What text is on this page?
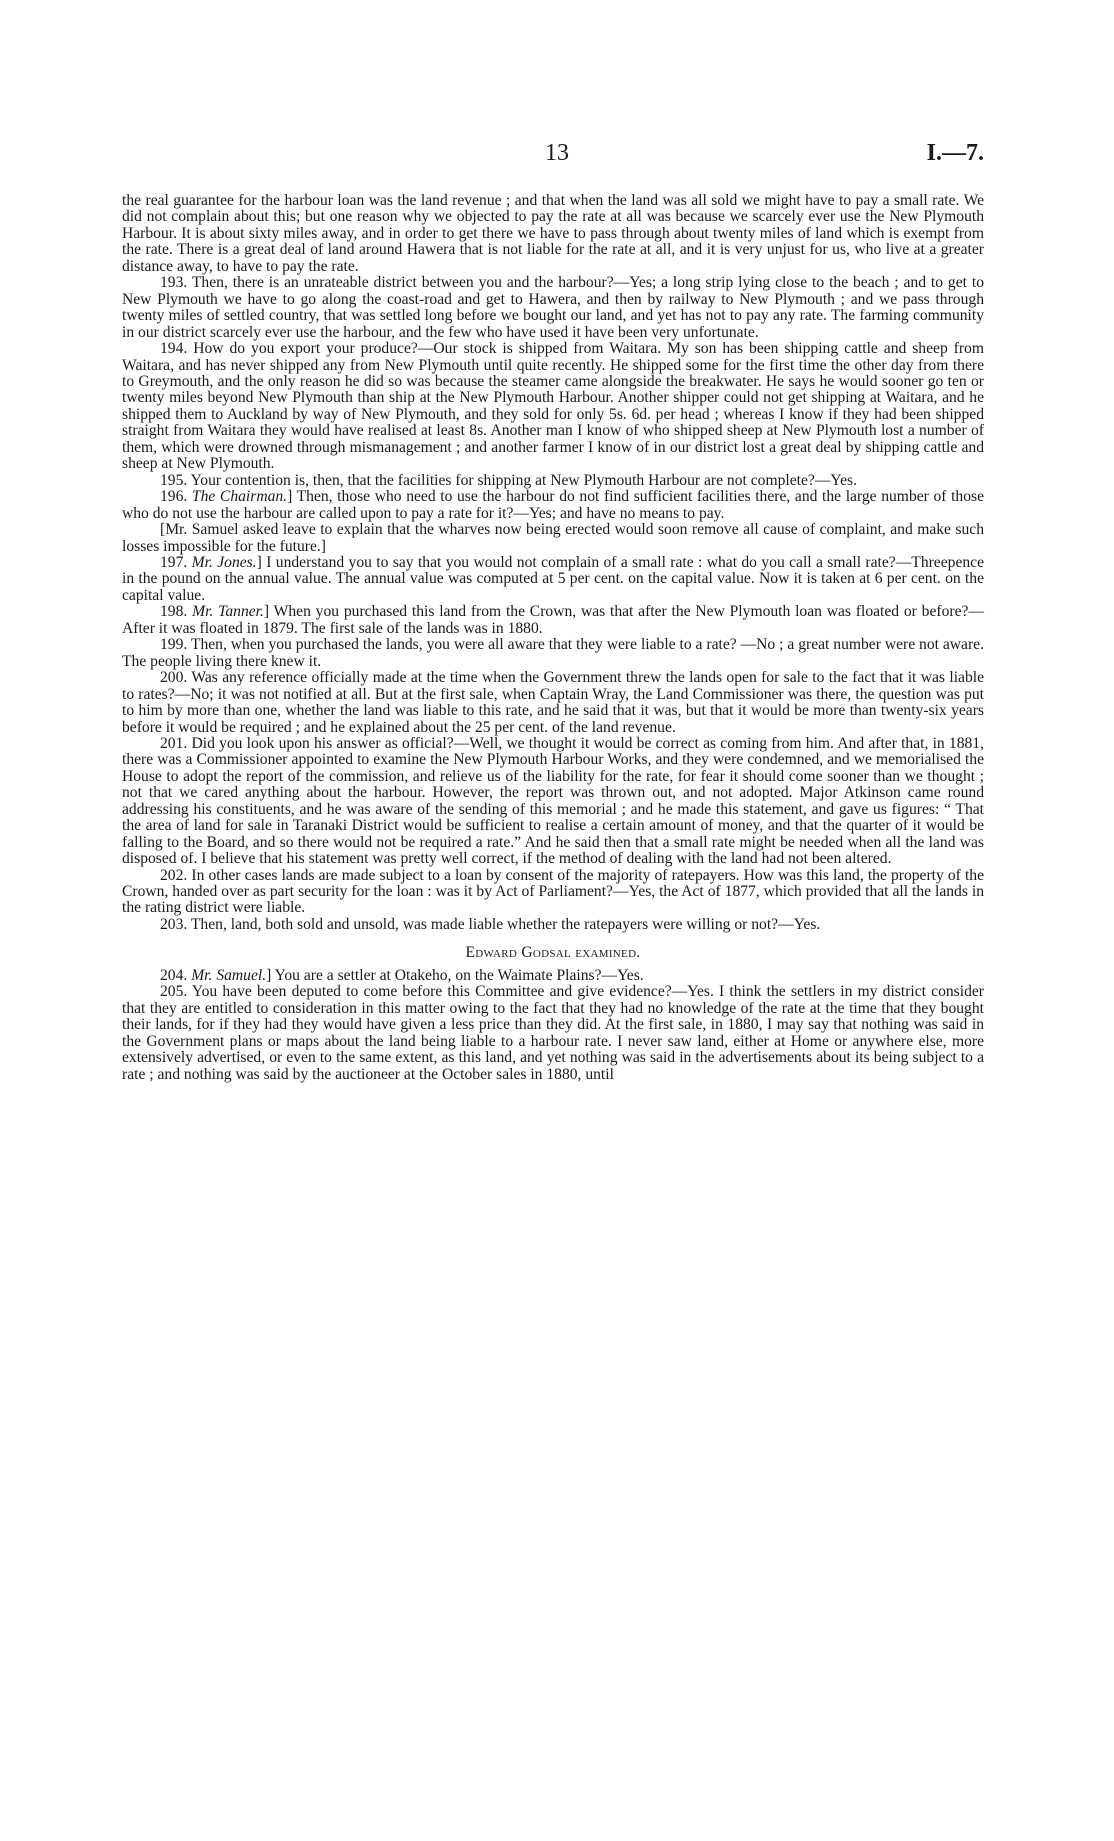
13	I.—7.

the real guarantee for the harbour loan was the land revenue ; and that when the land was all sold we might have to pay a small rate. We did not complain about this; but one reason why we objected to pay the rate at all was because we scarcely ever use the New Plymouth Harbour. It is about sixty miles away, and in order to get there we have to pass through about twenty miles of land which is exempt from the rate. There is a great deal of land around Hawera that is not liable for the rate at all, and it is very unjust for us, who live at a greater distance away, to have to pay the rate.

193. Then, there is an unrateable district between you and the harbour?—Yes; a long strip lying close to the beach ; and to get to New Plymouth we have to go along the coast-road and get to Hawera, and then by railway to New Plymouth ; and we pass through twenty miles of settled country, that was settled long before we bought our land, and yet has not to pay any rate. The farming community in our district scarcely ever use the harbour, and the few who have used it have been very unfortunate.

194. How do you export your produce?—Our stock is shipped from Waitara. My son has been shipping cattle and sheep from Waitara, and has never shipped any from New Plymouth until quite recently. He shipped some for the first time the other day from there to Greymouth, and the only reason he did so was because the steamer came alongside the breakwater. He says he would sooner go ten or twenty miles beyond New Plymouth than ship at the New Plymouth Harbour. Another shipper could not get shipping at Waitara, and he shipped them to Auckland by way of New Plymouth, and they sold for only 5s. 6d. per head ; whereas I know if they had been shipped straight from Waitara they would have realised at least 8s. Another man I know of who shipped sheep at New Plymouth lost a number of them, which were drowned through mismanagement ; and another farmer I know of in our district lost a great deal by shipping cattle and sheep at New Plymouth.

195. Your contention is, then, that the facilities for shipping at New Plymouth Harbour are not complete?—Yes.

196. The Chairman.] Then, those who need to use the harbour do not find sufficient facilities there, and the large number of those who do not use the harbour are called upon to pay a rate for it?—Yes; and have no means to pay.

[Mr. Samuel asked leave to explain that the wharves now being erected would soon remove all cause of complaint, and make such losses impossible for the future.]

197. Mr. Jones.] I understand you to say that you would not complain of a small rate : what do you call a small rate?—Threepence in the pound on the annual value. The annual value was computed at 5 per cent. on the capital value. Now it is taken at 6 per cent. on the capital value.

198. Mr. Tanner.] When you purchased this land from the Crown, was that after the New Plymouth loan was floated or before?—After it was floated in 1879. The first sale of the lands was in 1880.

199. Then, when you purchased the lands, you were all aware that they were liable to a rate? —No ; a great number were not aware. The people living there knew it.

200. Was any reference officially made at the time when the Government threw the lands open for sale to the fact that it was liable to rates?—No; it was not notified at all. But at the first sale, when Captain Wray, the Land Commissioner was there, the question was put to him by more than one, whether the land was liable to this rate, and he said that it was, but that it would be more than twenty-six years before it would be required ; and he explained about the 25 per cent. of the land revenue.

201. Did you look upon his answer as official?—Well, we thought it would be correct as coming from him. And after that, in 1881, there was a Commissioner appointed to examine the New Plymouth Harbour Works, and they were condemned, and we memorialised the House to adopt the report of the commission, and relieve us of the liability for the rate, for fear it should come sooner than we thought ; not that we cared anything about the harbour. However, the report was thrown out, and not adopted. Major Atkinson came round addressing his constituents, and he was aware of the sending of this memorial ; and he made this statement, and gave us figures: “ That the area of land for sale in Taranaki District would be sufficient to realise a certain amount of money, and that the quarter of it would be falling to the Board, and so there would not be required a rate.” And he said then that a small rate might be needed when all the land was disposed of. I believe that his statement was pretty well correct, if the method of dealing with the land had not been altered.

202. In other cases lands are made subject to a loan by consent of the majority of ratepayers. How was this land, the property of the Crown, handed over as part security for the loan : was it by Act of Parliament?—Yes, the Act of 1877, which provided that all the lands in the rating district were liable.

203. Then, land, both sold and unsold, was made liable whether the ratepayers were willing or not?—Yes.

Edward Godsal examined.

204. Mr. Samuel.] You are a settler at Otakeho, on the Waimate Plains?—Yes.

205. You have been deputed to come before this Committee and give evidence?—Yes. I think the settlers in my district consider that they are entitled to consideration in this matter owing to the fact that they had no knowledge of the rate at the time that they bought their lands, for if they had they would have given a less price than they did. At the first sale, in 1880, I may say that nothing was said in the Government plans or maps about the land being liable to a harbour rate. I never saw land, either at Home or anywhere else, more extensively advertised, or even to the same extent, as this land, and yet nothing was said in the advertisements about its being subject to a rate ; and nothing was said by the auctioneer at the October sales in 1880, until
